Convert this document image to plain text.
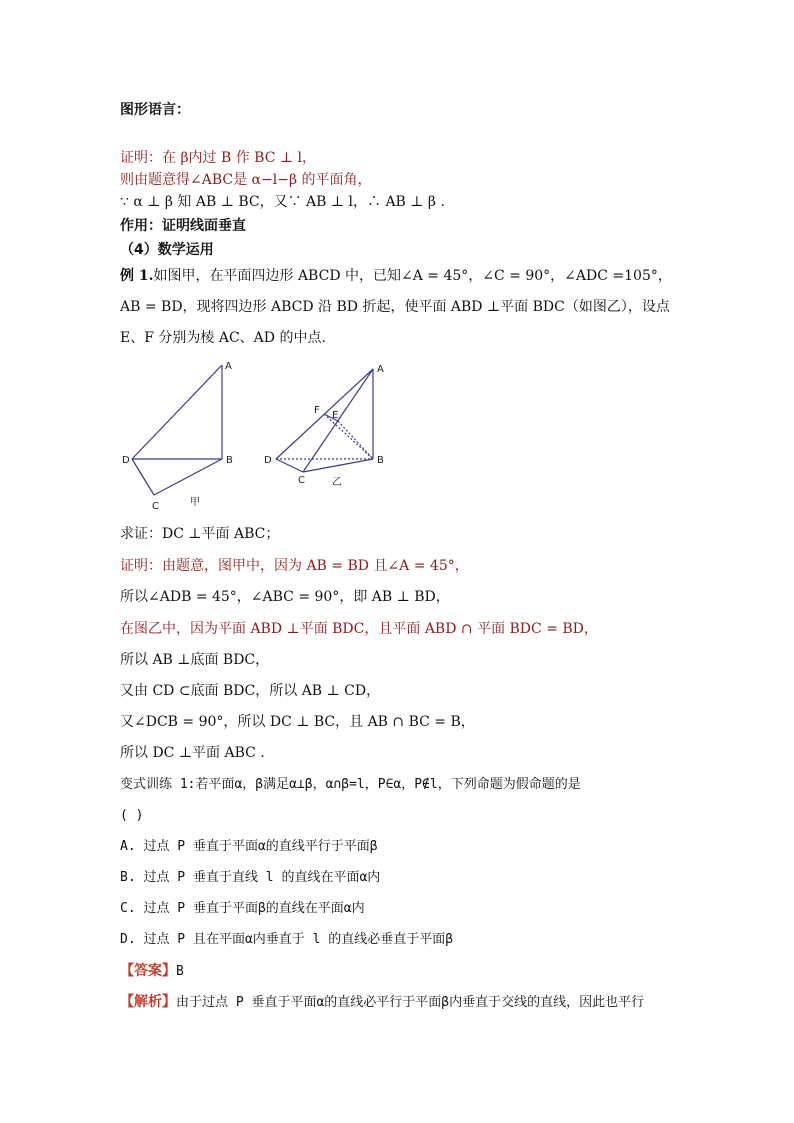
图形语言：
证明：在 β内过 B 作 BC ⊥ l，
则由题意得∠ABC是 α−l−β 的平面角，
∵ α ⊥ β 知 AB ⊥ BC，又∵ AB ⊥ l，∴ AB ⊥ β .
作用：证明线面垂直
（4）数学运用
例 1.如图甲，在平面四边形 ABCD 中，已知∠A = 45°，∠C = 90°，∠ADC =105°，
AB = BD，现将四边形 ABCD 沿 BD 折起，使平面 ABD ⊥平面 BDC（如图乙），设点
E、F 分别为棱 AC、AD 的中点.
A
B
D
C	甲
A
B
D
C
F E
乙
求证：DC ⊥平面 ABC；
证明：由题意，图甲中，因为 AB = BD 且∠A = 45°，
所以∠ADB = 45°，∠ABC = 90°，即 AB ⊥ BD，
在图乙中，因为平面 ABD ⊥平面 BDC，且平面 ABD ∩ 平面 BDC = BD，
所以 AB ⊥底面 BDC，
又由 CD ⊂底面 BDC，所以 AB ⊥ CD，
又∠DCB = 90°，所以 DC ⊥ BC，且 AB ∩ BC = B，
所以 DC ⊥平面 ABC .
变式训练 1:若平面α，β满足α⊥β，α∩β=l，P∈α，P∉l，下列命题为假命题的是
( )
A. 过点 P 垂直于平面α的直线平行于平面β
B. 过点 P 垂直于直线 l 的直线在平面α内
C. 过点 P 垂直于平面β的直线在平面α内
D. 过点 P 且在平面α内垂直于 l 的直线必垂直于平面β
【答案】B
【解析】由于过点 P 垂直于平面α的直线必平行于平面β内垂直于交线的直线，因此也平行
